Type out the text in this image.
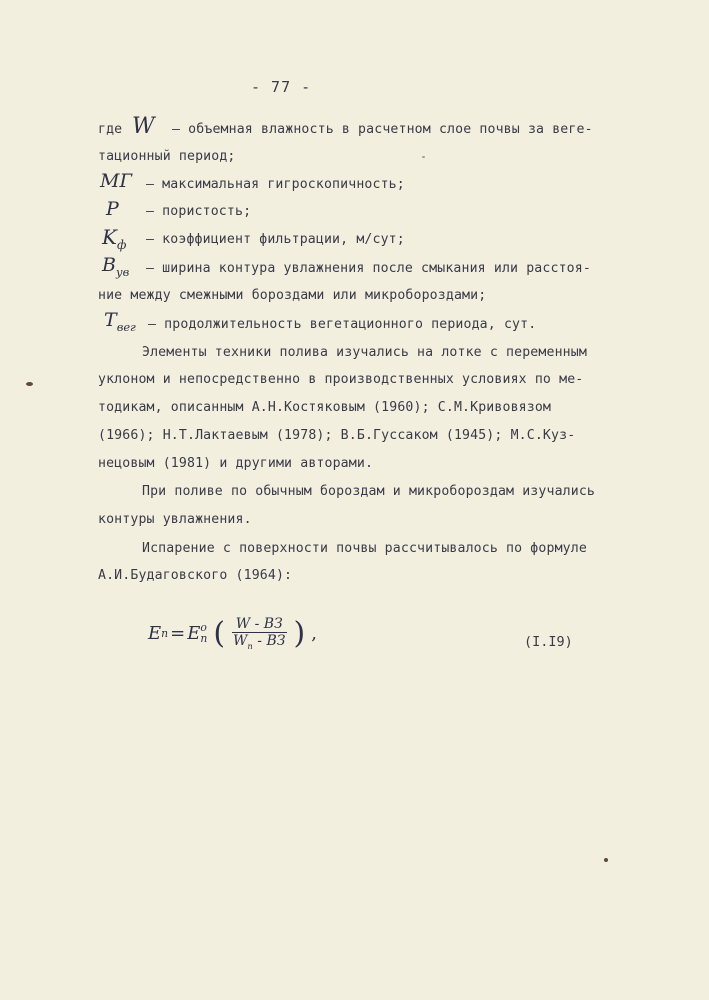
- 77 -
где W – объемная влажность в расчетном слое почвы за веге-
тационный период;
МГ – максимальная гигроскопичность;
P – пористость;
$K_ф$ – коэффициент фильтрации, м/сут;
$B_{ув}$ – ширина контура увлажнения после смыкания или расстоя-
ние между смежными бороздами или микробороздами;
$T_{вег}$ – продолжительность вегетационного периода, сут.
Элементы техники полива изучались на лотке с переменным
уклоном и непосредственно в производственных условиях по ме-
тодикам, описанным А.Н.Костяковым (1960); С.М.Кривовязом
(1966); Н.Т.Лактаевым (1978); В.Б.Гуссаком (1945); М.С.Куз-
нецовым (1981) и другими авторами.
При поливе по обычным бороздам и микробороздам изучались
контуры увлажнения.
Испарение с поверхности почвы рассчитывалось по формуле
А.И.Будаговского (1964):
E п = E o
п ( $\frac{W - ВЗ}{W_п - ВЗ}$ ) ,	(I.I9)
